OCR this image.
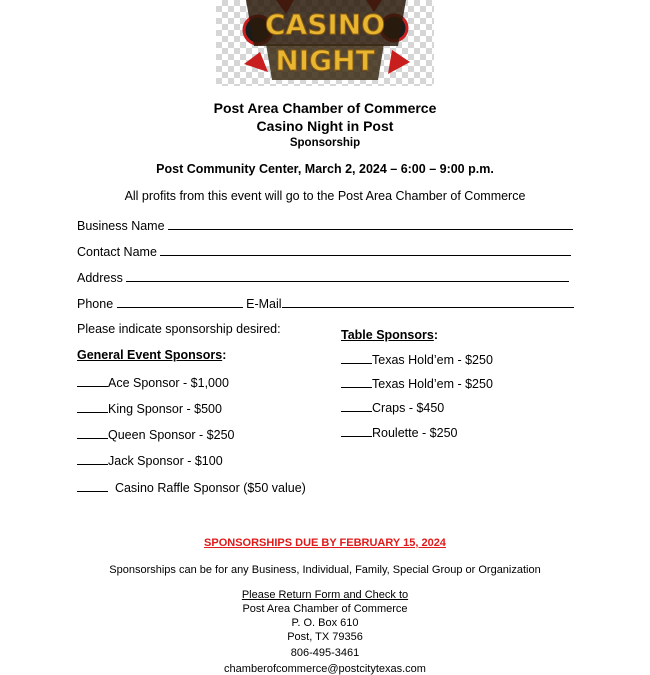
CASINO
NIGHT
Post Area Chamber of Commerce
Casino Night in Post
Sponsorship
Post Community Center, March 2, 2024 – 6:00 – 9:00 p.m.
All profits from this event will go to the Post Area Chamber of Commerce
Business Name
Contact Name
Address
Phone	E-Mail
Please indicate sponsorship desired:
General Event Sponsors:
Ace Sponsor - $1,000
King Sponsor - $500
Queen Sponsor - $250
Jack Sponsor - $100
Casino Raffle Sponsor ($50 value)
Table Sponsors:
Texas Hold’em - $250
Texas Hold’em - $250
Craps - $450
Roulette - $250
SPONSORSHIPS DUE BY FEBRUARY 15, 2024
Sponsorships can be for any Business, Individual, Family, Special Group or Organization
Please Return Form and Check to
Post Area Chamber of Commerce
P. O. Box 610
Post, TX 79356
806-495-3461
chamberofcommerce@postcitytexas.com
